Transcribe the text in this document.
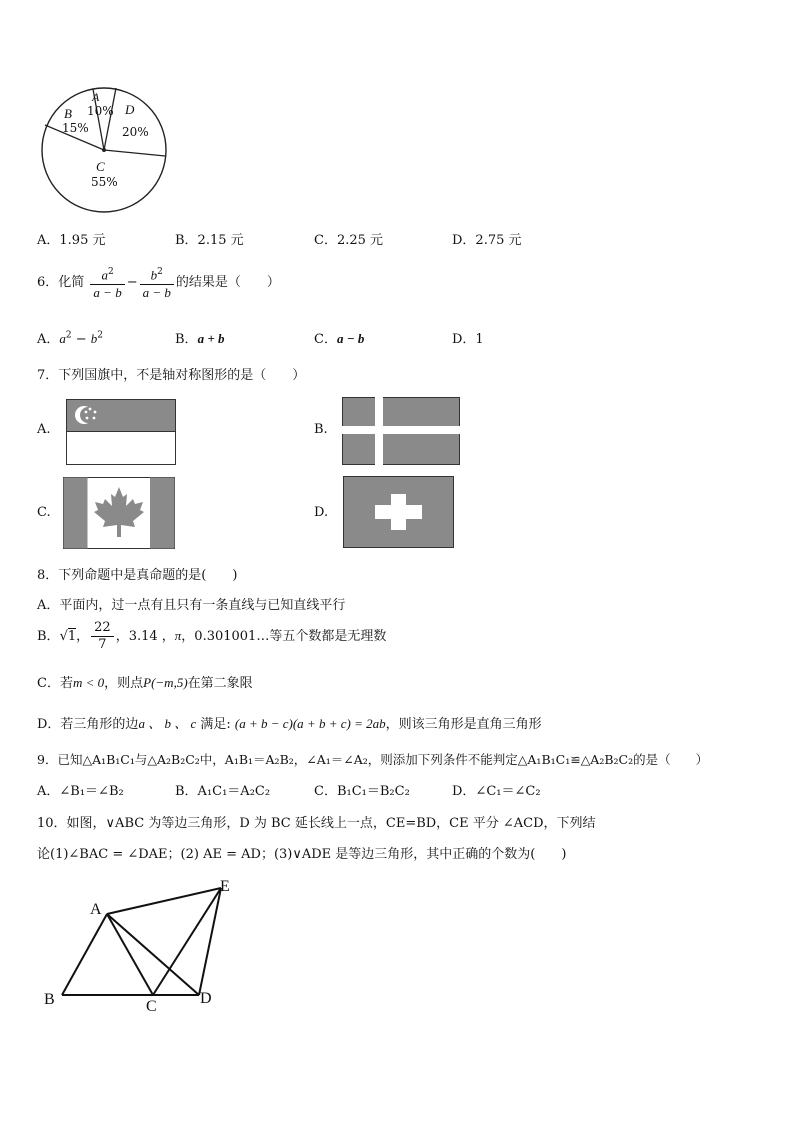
A
10%
B
15%
C
55%
D
20%
A．1.95 元	B．2.15 元	C．2.25 元	D．2.75 元
6．化简 $\frac{a^2}{a - b} - \frac{b^2}{a - b}$ 的结果是（　　）
A．$a^2 - b^2$	B．a + b	C．a − b	D．1
7．下列国旗中，不是轴对称图形的是（　　）
A.	B.
C.	D.
8．下列命题中是真命题的是(　　)
A．平面内，过一点有且只有一条直线与已知直线平行
B．√1， $\frac{22}{7}$ ，3.14 ，π，0.301001…等五个数都是无理数
C．若m < 0，则点P(−m,5)在第二象限
D．若三角形的边a 、 b 、 c 满足: (a + b − c)(a + b + c) = 2ab，则该三角形是直角三角形
9．已知△A₁B₁C₁与△A₂B₂C₂中，A₁B₁＝A₂B₂，∠A₁＝∠A₂，则添加下列条件不能判定△A₁B₁C₁≌△A₂B₂C₂的是（　　）
A．∠B₁＝∠B₂	B．A₁C₁＝A₂C₂	C．B₁C₁＝B₂C₂	D．∠C₁＝∠C₂
10．如图，∨ABC 为等边三角形，D 为 BC 延长线上一点，CE=BD，CE 平分 ∠ACD，下列结
论(1)∠BAC = ∠DAE；(2) AE = AD；(3)∨ADE 是等边三角形，其中正确的个数为(　　)
A
B	C	D
E
